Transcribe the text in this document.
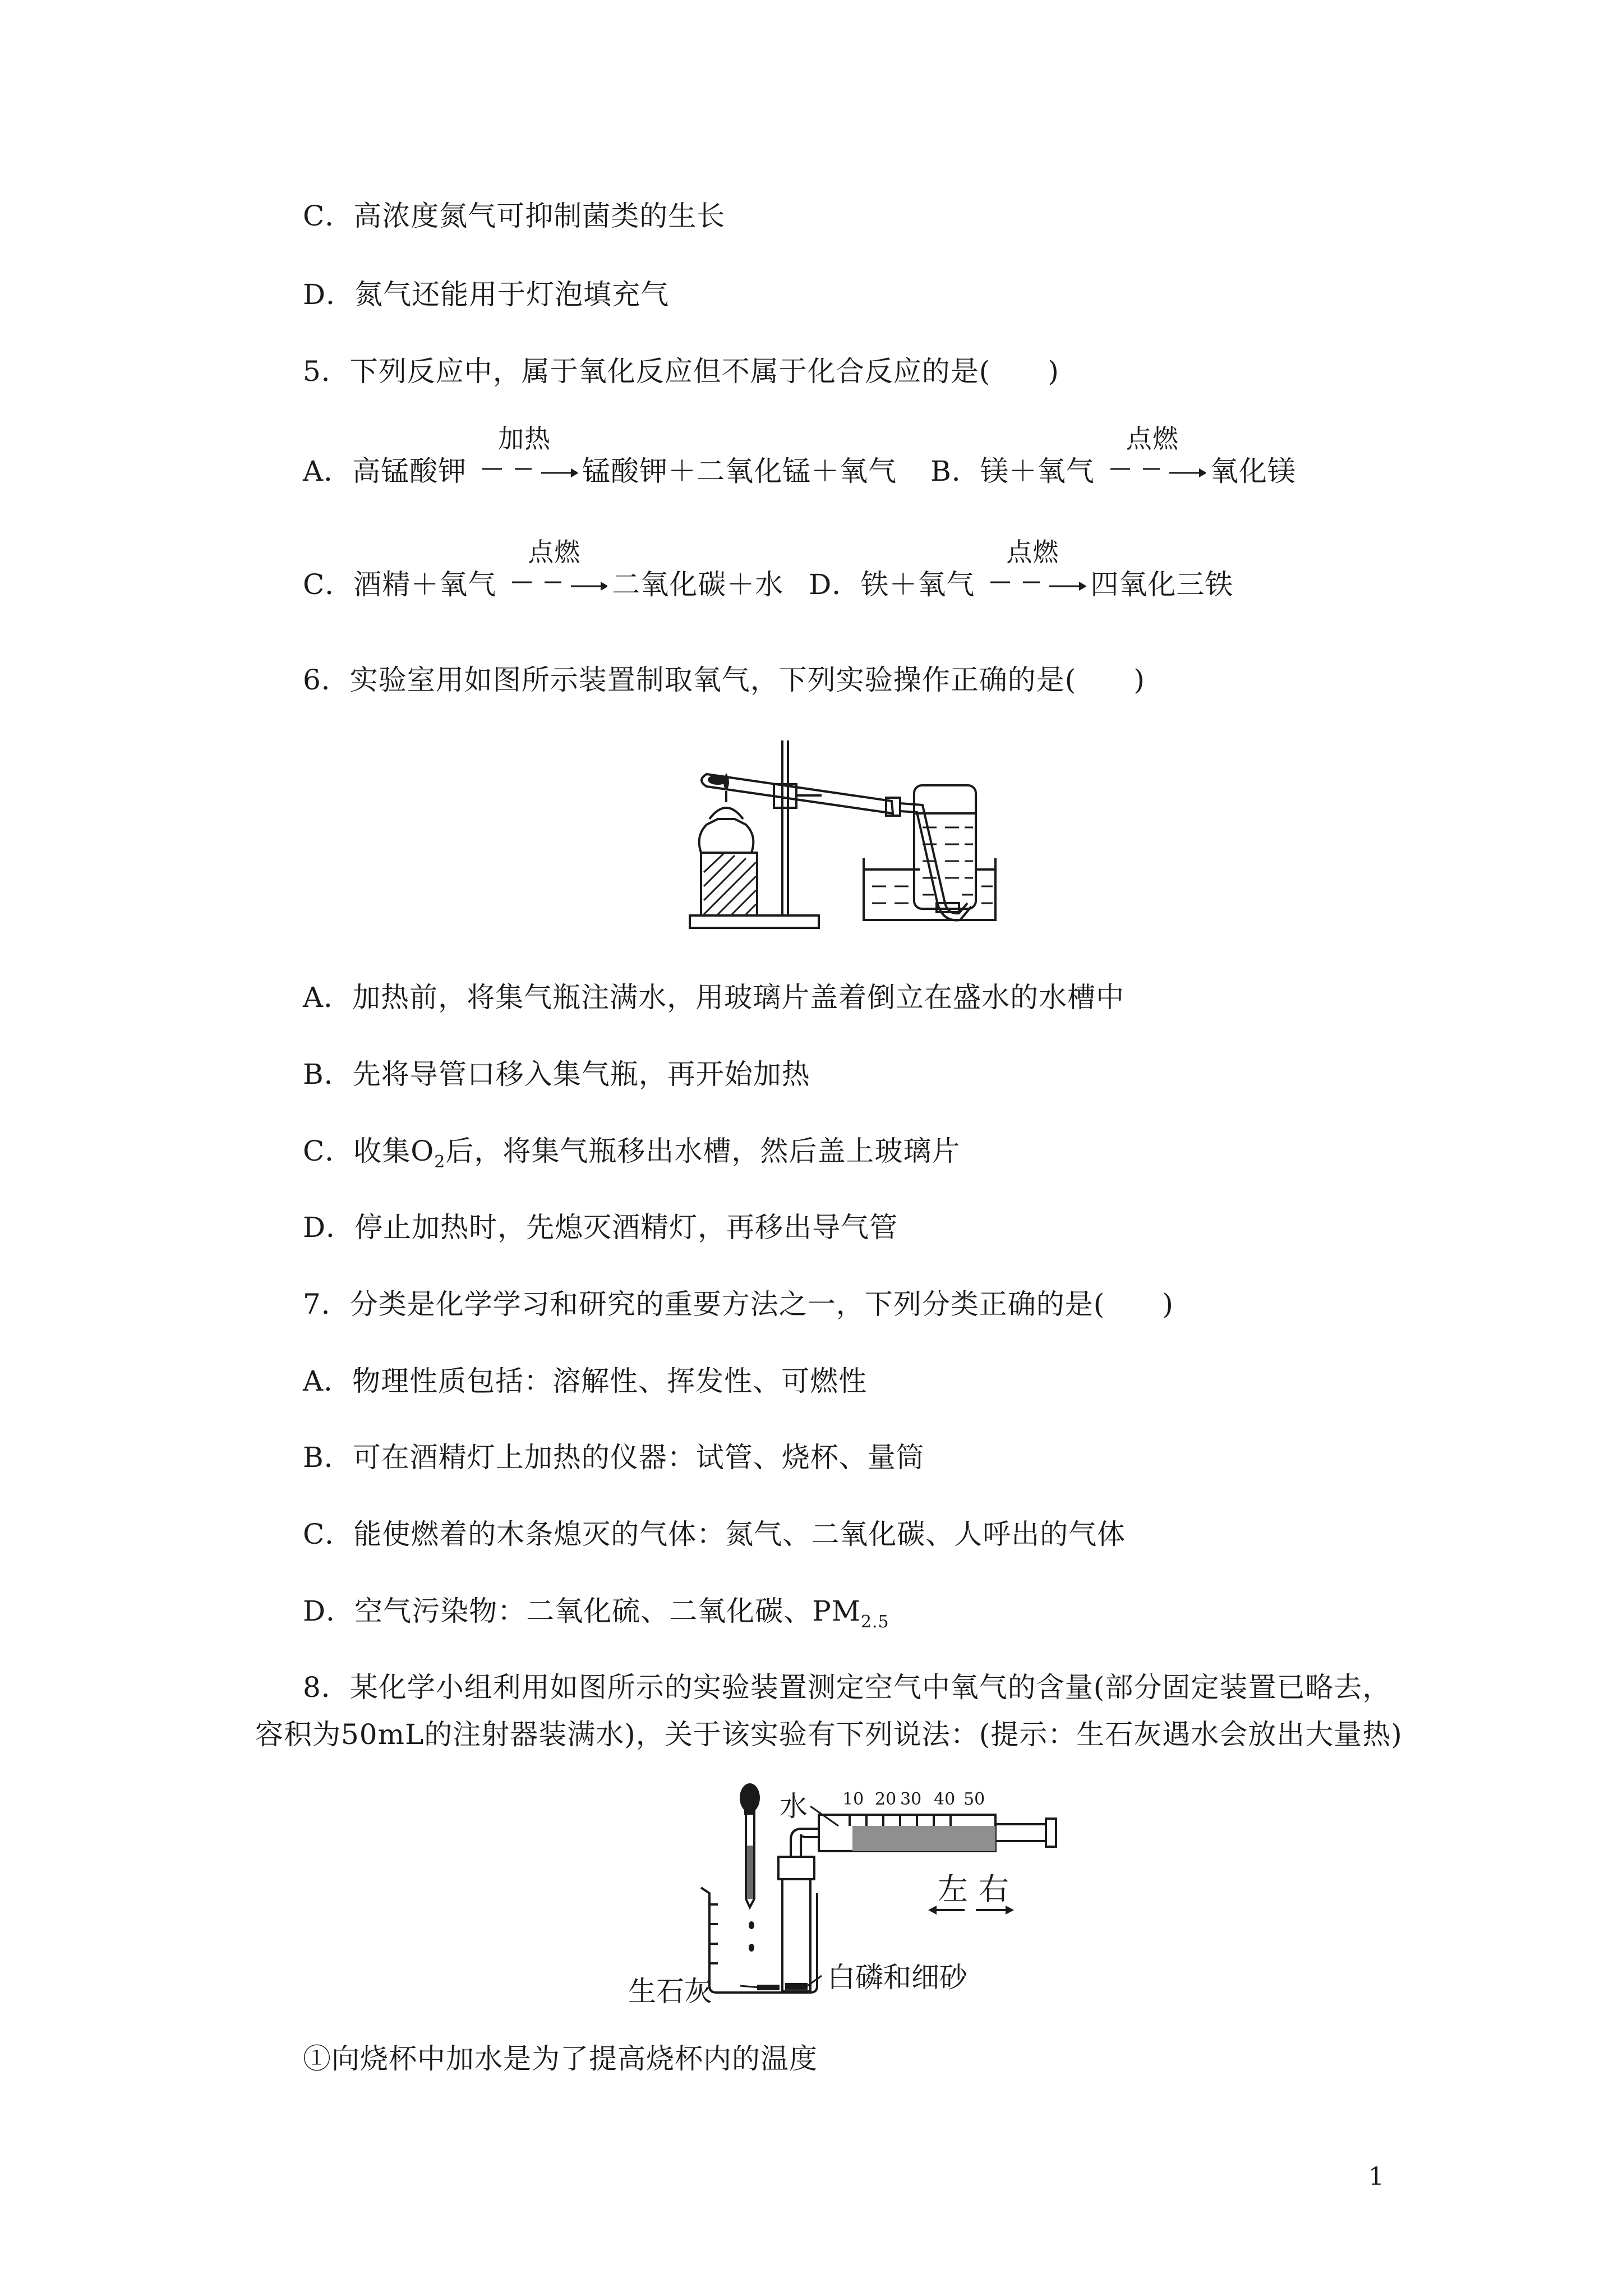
C．高浓度氮气可抑制菌类的生长
D．氮气还能用于灯泡填充气
5．下列反应中，属于氧化反应但不属于化合反应的是(　　)
A．高锰酸钾
加热
锰酸钾＋二氧化锰＋氧气 B．镁＋氧气
点燃
氧化镁
C．酒精＋氧气
点燃
二氧化碳＋水 D．铁＋氧气
点燃
四氧化三铁
6．实验室用如图所示装置制取氧气，下列实验操作正确的是(　　)
A．加热前，将集气瓶注满水，用玻璃片盖着倒立在盛水的水槽中
B．先将导管口移入集气瓶，再开始加热
C．收集$O_2$后，将集气瓶移出水槽，然后盖上玻璃片
D．停止加热时，先熄灭酒精灯，再移出导气管
7．分类是化学学习和研究的重要方法之一，下列分类正确的是(　　)
A．物理性质包括：溶解性、挥发性、可燃性
B．可在酒精灯上加热的仪器：试管、烧杯、量筒
C．能使燃着的木条熄灭的气体：氮气、二氧化碳、人呼出的气体
D．空气污染物：二氧化硫、二氧化碳、$PM_{2.5}$
8．某化学小组利用如图所示的实验装置测定空气中氧气的含量(部分固定装置已略去，
容积为50mL的注射器装满水)，关于该实验有下列说法：(提示：生石灰遇水会放出大量热)
水 10 20 30 40 50
左 右
生石灰	白磷和细砂
①向烧杯中加水是为了提高烧杯内的温度
1
